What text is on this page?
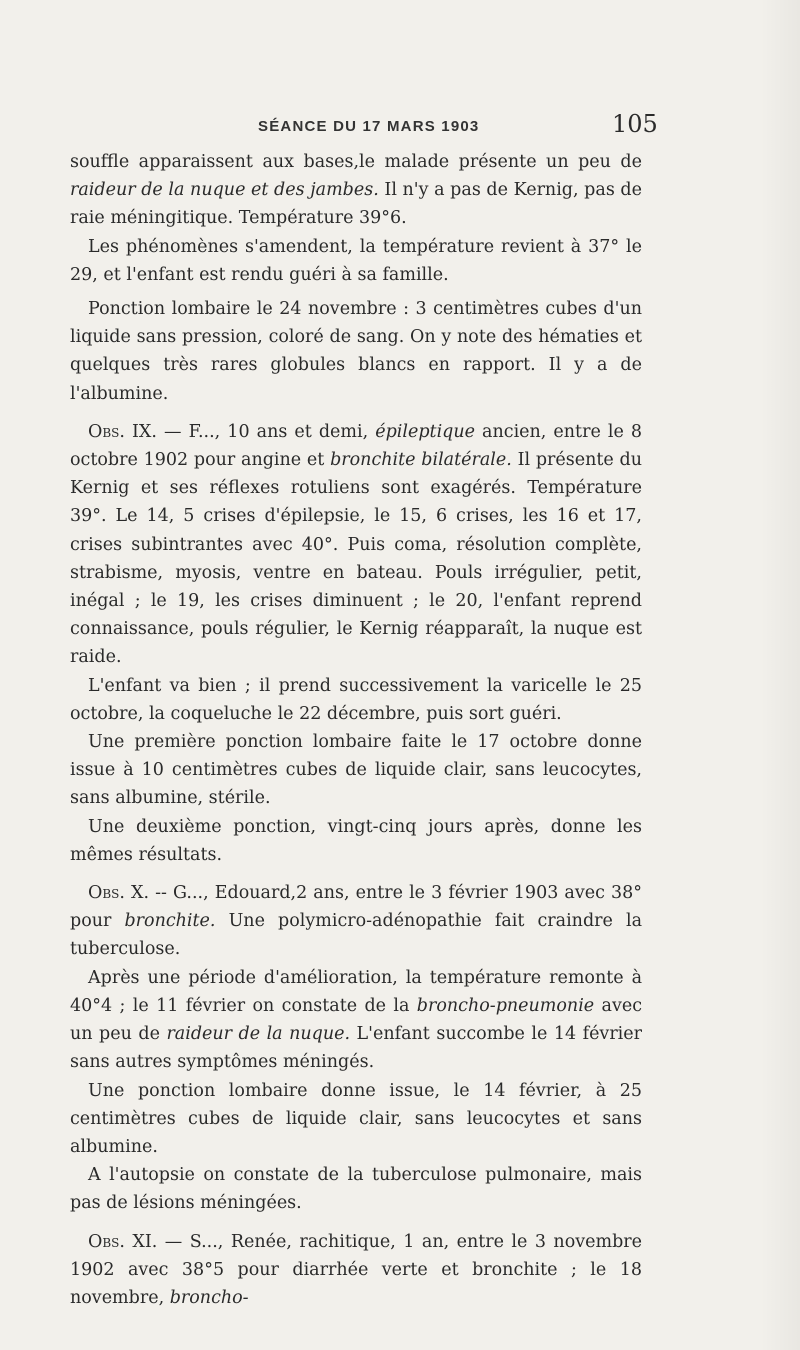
SÉANCE DU 17 MARS 1903	105

souffle apparaissent aux bases,le malade présente un peu de raideur de la nuque et des jambes. Il n'y a pas de Kernig, pas de raie méningitique. Température 39°6.

Les phénomènes s'amendent, la température revient à 37° le 29, et l'enfant est rendu guéri à sa famille.

Ponction lombaire le 24 novembre : 3 centimètres cubes d'un liquide sans pression, coloré de sang. On y note des hématies et quelques très rares globules blancs en rapport. Il y a de l'albumine.

Obs. IX. — F..., 10 ans et demi, épileptique ancien, entre le 8 octobre 1902 pour angine et bronchite bilatérale. Il présente du Kernig et ses réflexes rotuliens sont exagérés. Température 39°. Le 14, 5 crises d'épilepsie, le 15, 6 crises, les 16 et 17, crises subintrantes avec 40°. Puis coma, résolution complète, strabisme, myosis, ventre en bateau. Pouls irrégulier, petit, inégal ; le 19, les crises diminuent ; le 20, l'enfant reprend connaissance, pouls régulier, le Kernig réapparaît, la nuque est raide.

L'enfant va bien ; il prend successivement la varicelle le 25 octobre, la coqueluche le 22 décembre, puis sort guéri.

Une première ponction lombaire faite le 17 octobre donne issue à 10 centimètres cubes de liquide clair, sans leucocytes, sans albumine, stérile.

Une deuxième ponction, vingt-cinq jours après, donne les mêmes résultats.

Obs. X. -- G..., Edouard,2 ans, entre le 3 février 1903 avec 38° pour bronchite. Une polymicro-adénopathie fait craindre la tuberculose.

Après une période d'amélioration, la température remonte à 40°4 ; le 11 février on constate de la broncho-pneumonie avec un peu de raideur de la nuque. L'enfant succombe le 14 février sans autres symptômes méningés.

Une ponction lombaire donne issue, le 14 février, à 25 centimètres cubes de liquide clair, sans leucocytes et sans albumine.

A l'autopsie on constate de la tuberculose pulmonaire, mais pas de lésions méningées.

Obs. XI. — S..., Renée, rachitique, 1 an, entre le 3 novembre 1902 avec 38°5 pour diarrhée verte et bronchite ; le 18 novembre, broncho-
